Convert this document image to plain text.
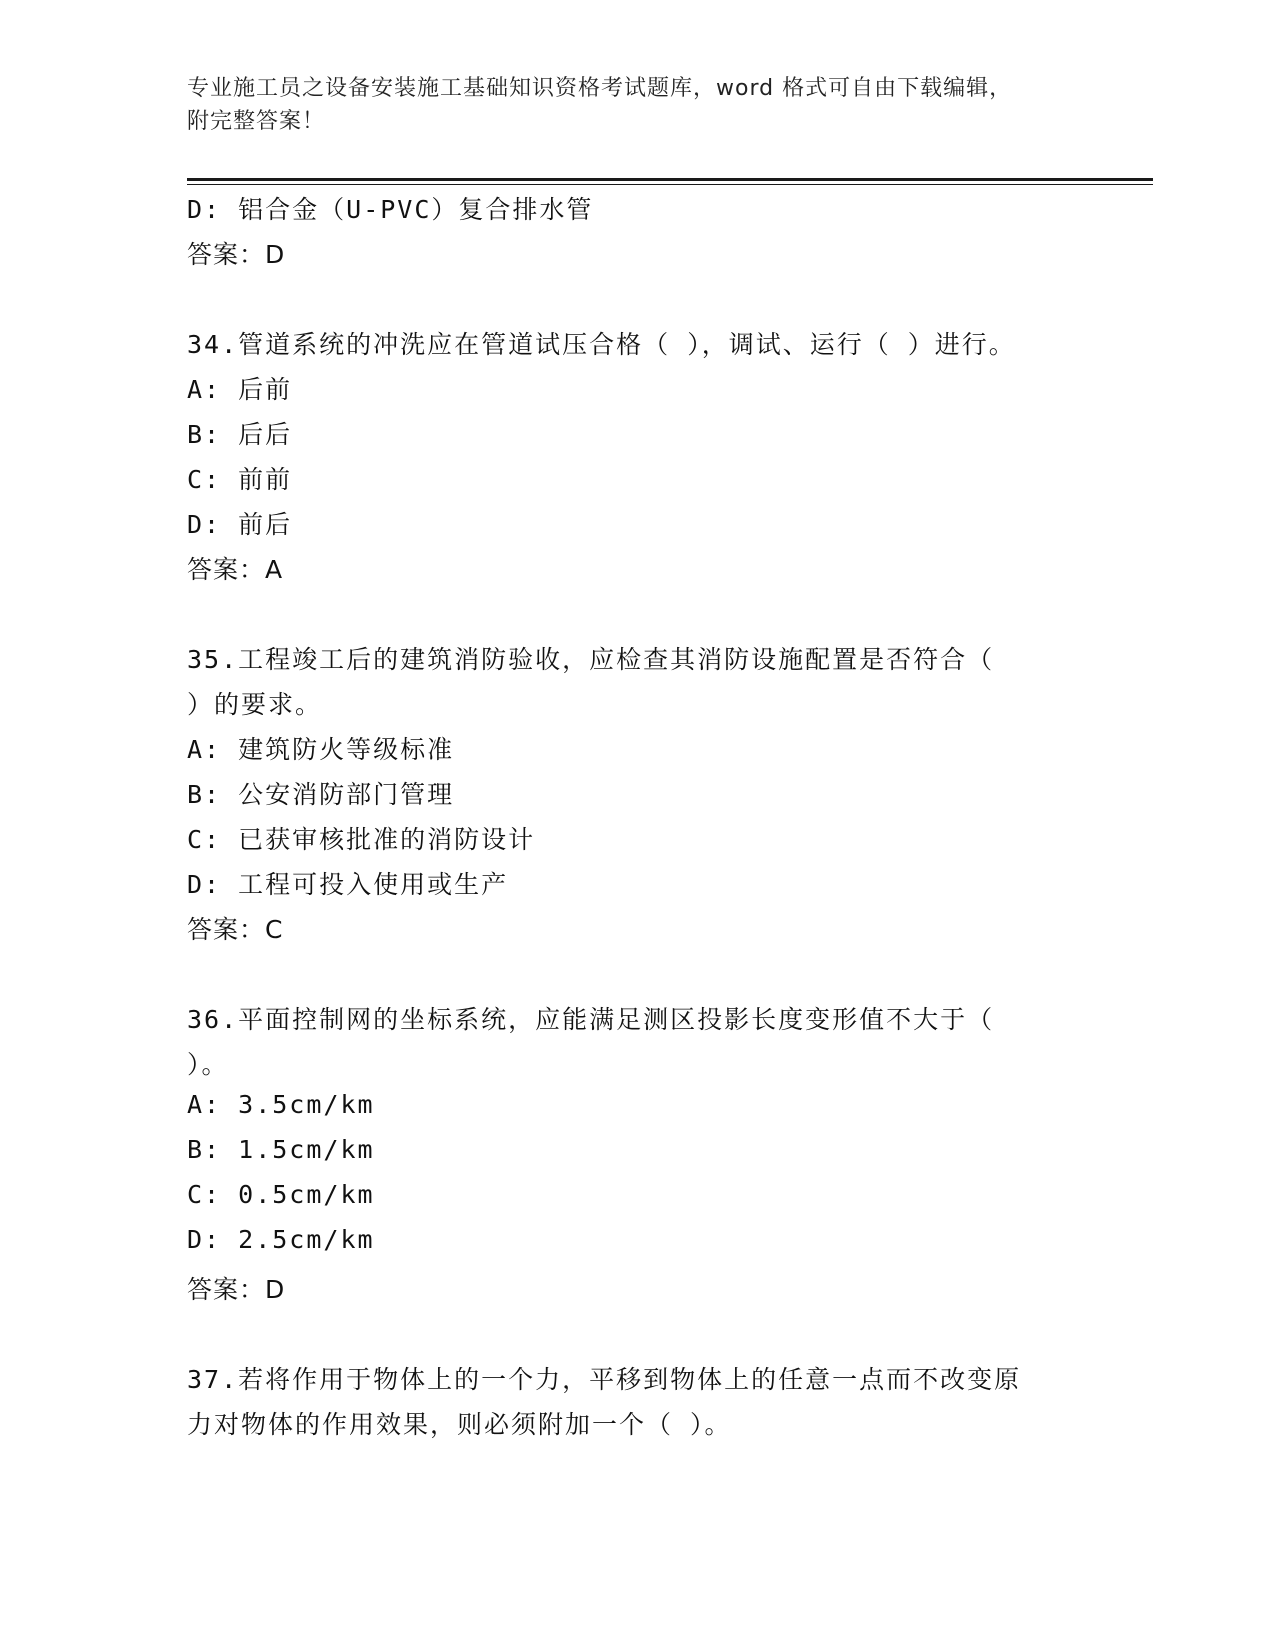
专业施工员之设备安装施工基础知识资格考试题库，word 格式可自由下载编辑，
附完整答案！
D: 铝合金（U-PVC）复合排水管
答案：D
34.管道系统的冲洗应在管道试压合格（ ），调试、运行（ ）进行。
A: 后前
B: 后后
C: 前前
D: 前后
答案：A
35.工程竣工后的建筑消防验收，应检查其消防设施配置是否符合（
）的要求。
A: 建筑防火等级标准
B: 公安消防部门管理
C: 已获审核批准的消防设计
D: 工程可投入使用或生产
答案：C
36.平面控制网的坐标系统，应能满足测区投影长度变形值不大于（
）。
A: 3.5cm/km
B: 1.5cm/km
C: 0.5cm/km
D: 2.5cm/km
答案：D
37.若将作用于物体上的一个力，平移到物体上的任意一点而不改变原
力对物体的作用效果，则必须附加一个（ ）。
